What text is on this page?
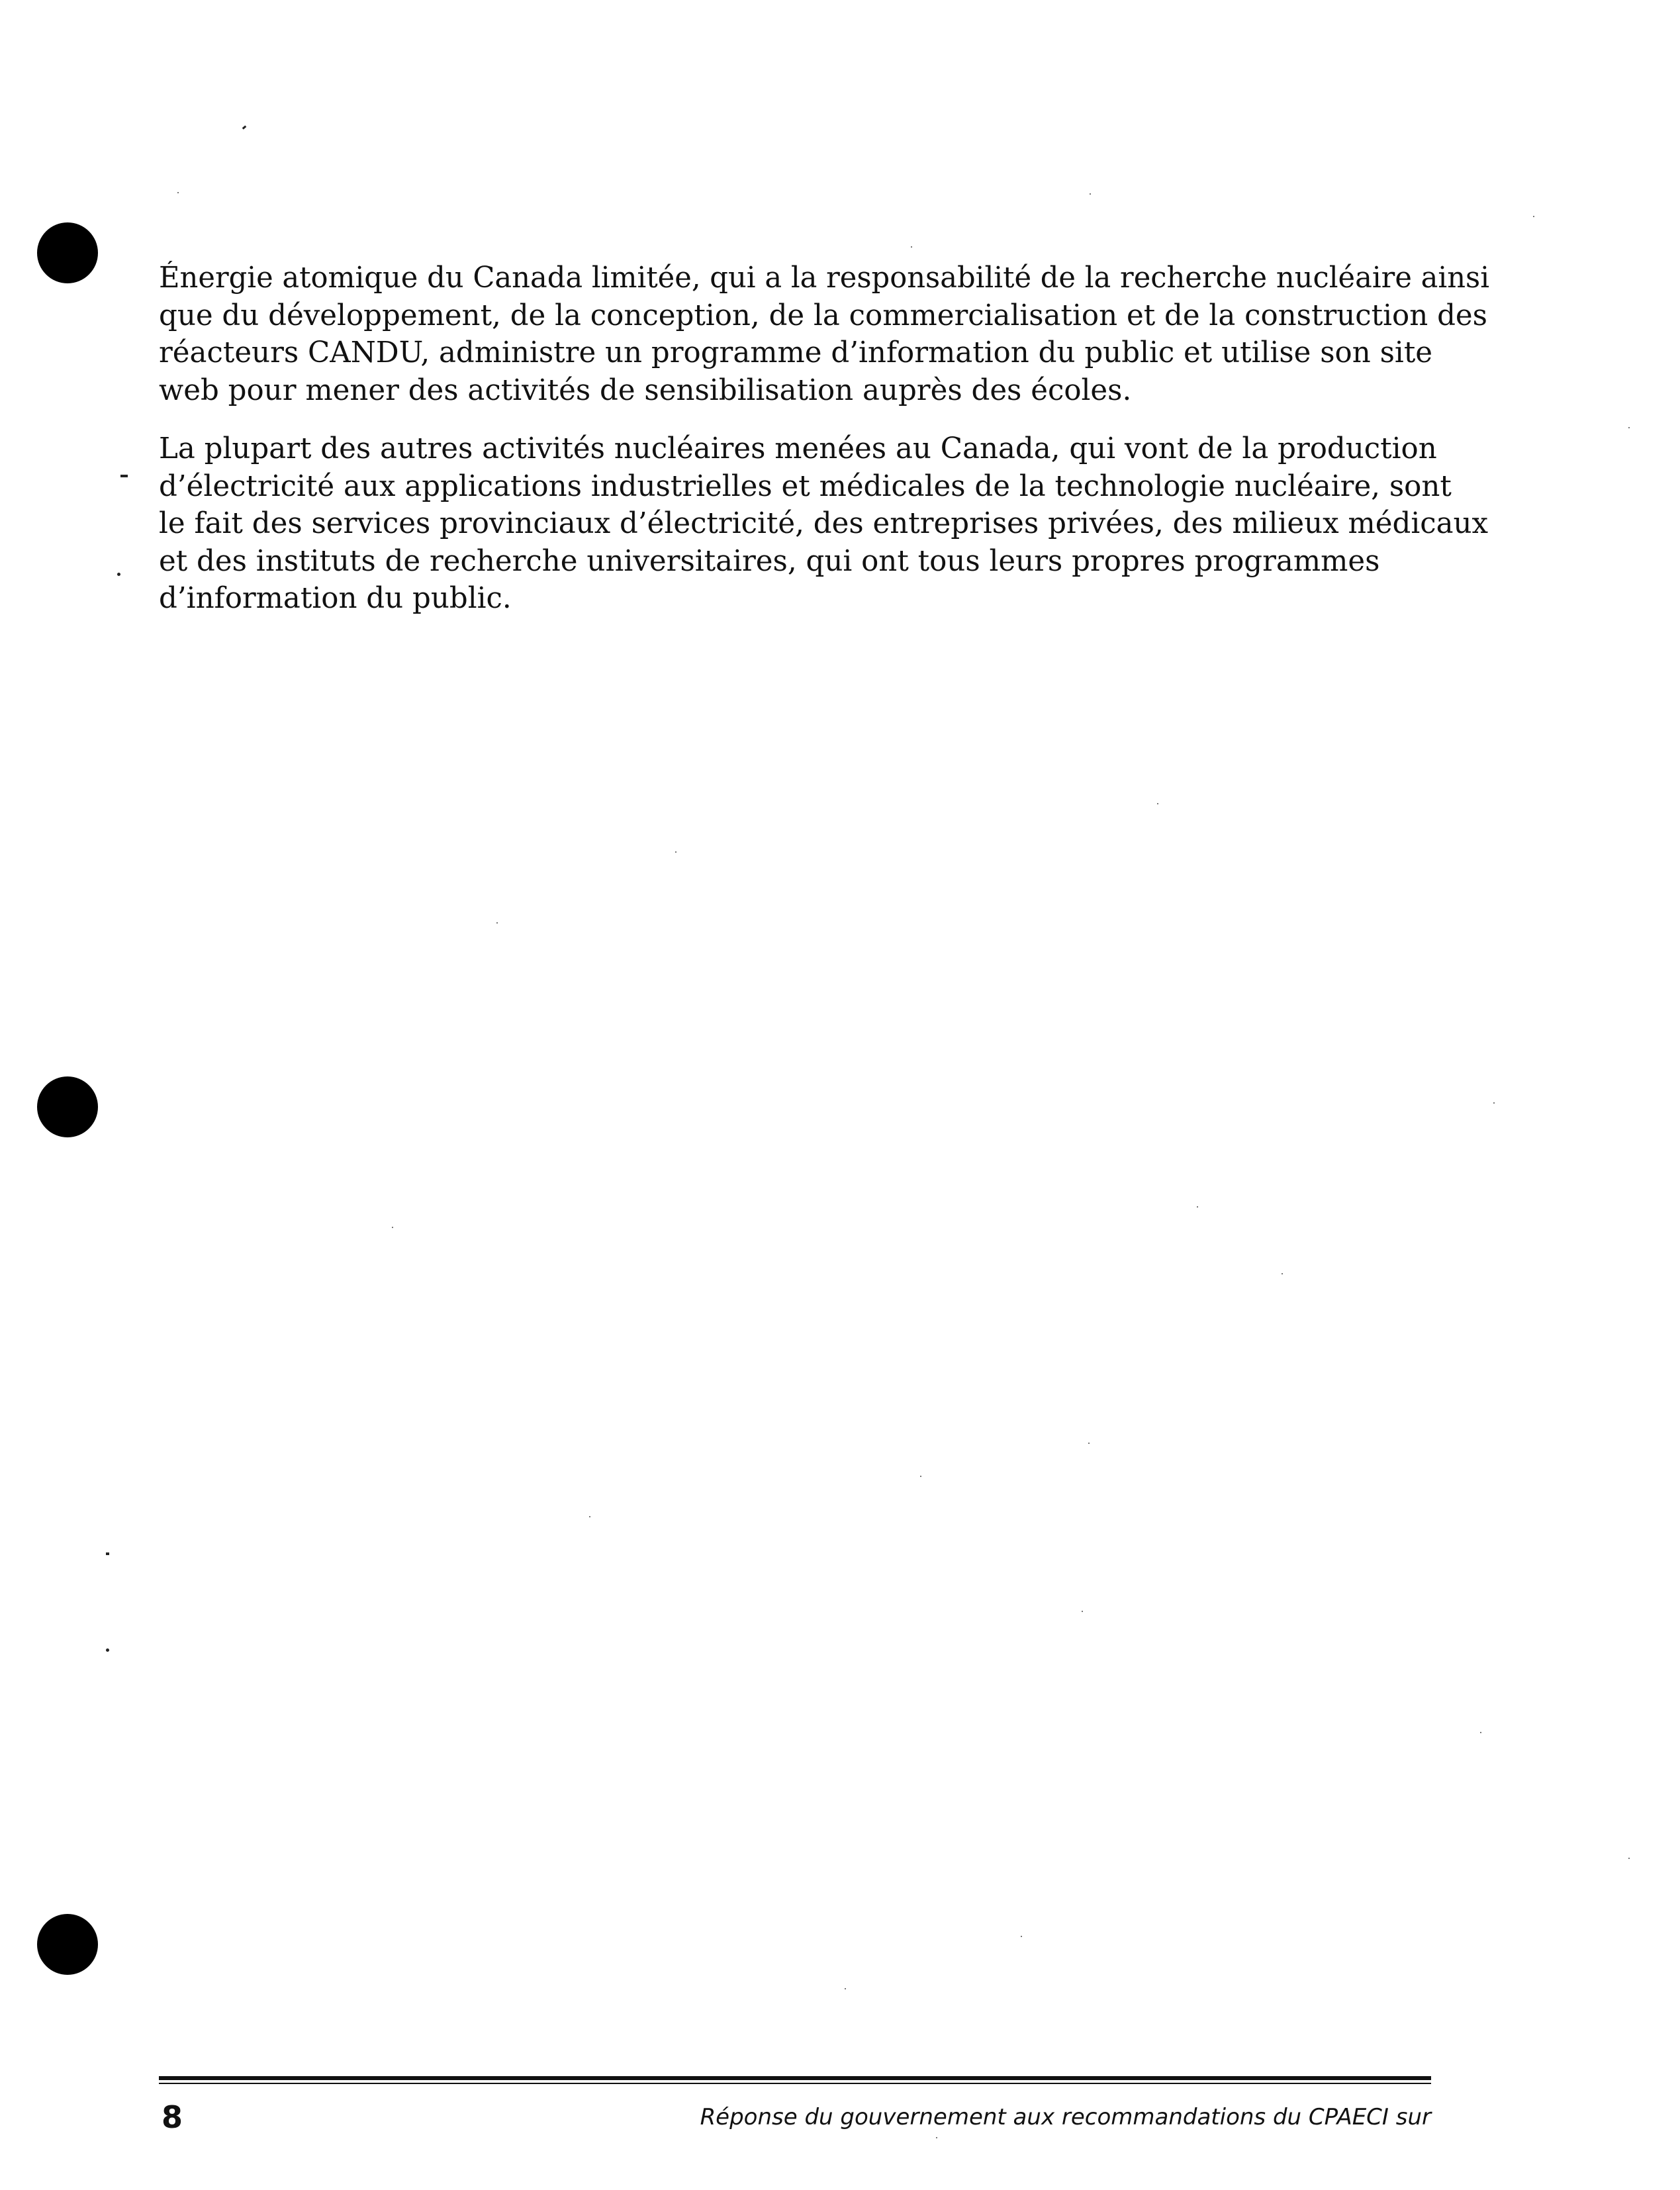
Énergie atomique du Canada limitée, qui a la responsabilité de la recherche nucléaire ainsi
que du développement, de la conception, de la commercialisation et de la construction des
réacteurs CANDU, administre un programme d’information du public et utilise son site
web pour mener des activités de sensibilisation auprès des écoles.

La plupart des autres activités nucléaires menées au Canada, qui vont de la production
d’électricité aux applications industrielles et médicales de la technologie nucléaire, sont
le fait des services provinciaux d’électricité, des entreprises privées, des milieux médicaux
et des instituts de recherche universitaires, qui ont tous leurs propres programmes
d’information du public.

8	Réponse du gouvernement aux recommandations du CPAECI sur
